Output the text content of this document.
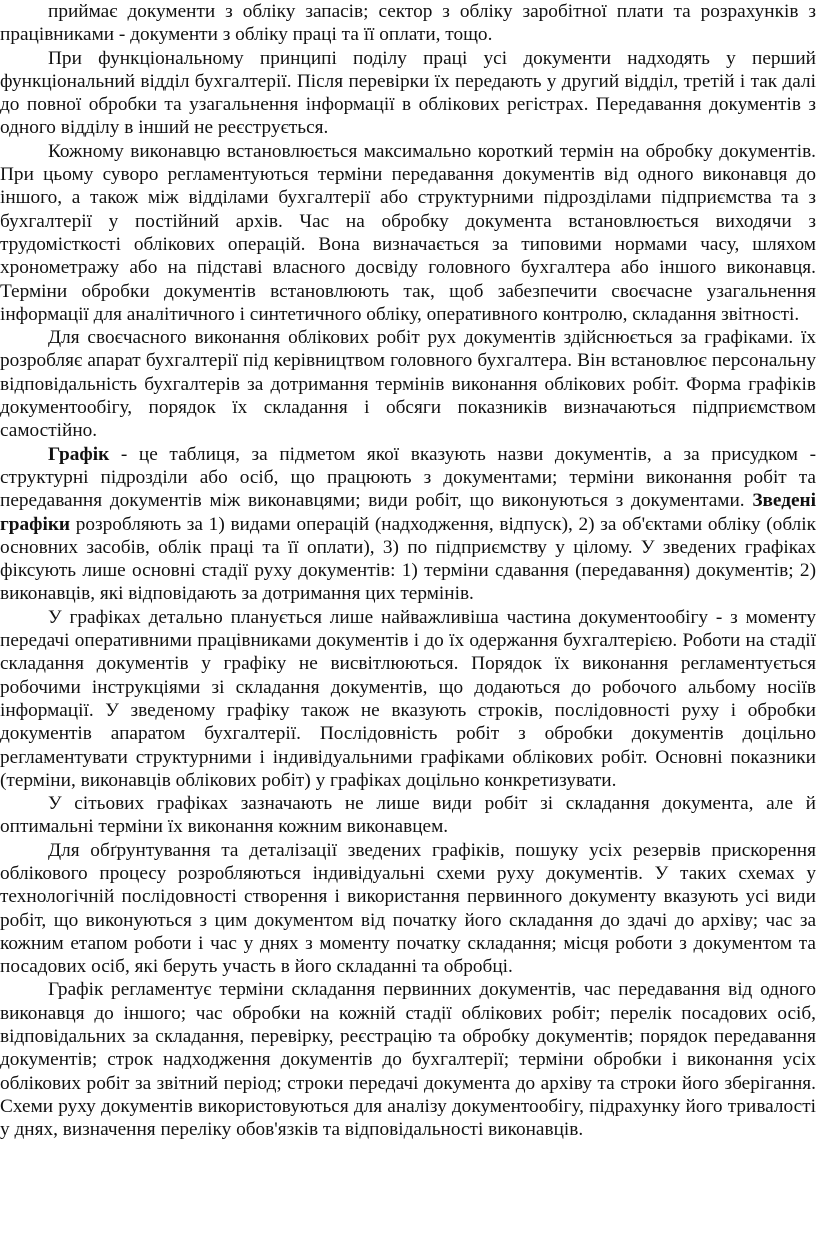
приймає документи з обліку запасів; сектор з обліку заробітної плати та розрахунків з працівниками - документи з обліку праці та її оплати, тощо.

При функціональному принципі поділу праці усі документи надходять у перший функціональний відділ бухгалтерії. Після перевірки їх передають у другий відділ, третій і так далі до повної обробки та узагальнення інформації в облікових регістрах. Передавання документів з одного відділу в інший не реєструється.

Кожному виконавцю встановлюється максимально короткий термін на обробку документів. При цьому суворо регламентуються терміни передавання документів від одного виконавця до іншого, а також між відділами бухгалтерії або структурними підрозділами підприємства та з бухгалтерії у постійний архів. Час на обробку документа встановлюється виходячи з трудомісткості облікових операцій. Вона визначається за типовими нормами часу, шляхом хронометражу або на підставі власного досвіду головного бухгалтера або іншого виконавця. Терміни обробки документів встановлюють так, щоб забезпечити своєчасне узагальнення інформації для аналітичного і синтетичного обліку, оперативного контролю, складання звітності.

Для своєчасного виконання облікових робіт рух документів здійснюється за графіками. їх розробляє апарат бухгалтерії під керівництвом головного бухгалтера. Він встановлює персональну відповідальність бухгалтерів за дотримання термінів виконання облікових робіт. Форма графіків документообігу, порядок їх складання і обсяги показників визначаються підприємством самостійно.

Графік - це таблиця, за підметом якої вказують назви документів, а за присудком - структурні підрозділи або осіб, що працюють з документами; терміни виконання робіт та передавання документів між виконавцями; види робіт, що виконуються з документами. Зведені графіки розробляють за 1) видами операцій (надходження, відпуск), 2) за об'єктами обліку (облік основних засобів, облік праці та її оплати), 3) по підприємству у цілому. У зведених графіках фіксують лише основні стадії руху документів: 1) терміни сдавання (передавання) документів; 2) виконавців, які відповідають за дотримання цих термінів.

У графіках детально планується лише найважливіша частина документообігу - з моменту передачі оперативними працівниками документів і до їх одержання бухгалтерією. Роботи на стадії складання документів у графіку не висвітлюються. Порядок їх виконання регламентується робочими інструкціями зі складання документів, що додаються до робочого альбому носіїв інформації. У зведеному графіку також не вказують строків, послідовності руху і обробки документів апаратом бухгалтерії. Послідовність робіт з обробки документів доцільно регламентувати структурними і індивідуальними графіками облікових робіт. Основні показники (терміни, виконавців облікових робіт) у графіках доцільно конкретизувати.

У сітьових графіках зазначають не лише види робіт зі складання документа, але й оптимальні терміни їх виконання кожним виконавцем.

Для обґрунтування та деталізації зведених графіків, пошуку усіх резервів прискорення облікового процесу розробляються індивідуальні схеми руху документів. У таких схемах у технологічній послідовності створення і використання первинного документу вказують усі види робіт, що виконуються з цим документом від початку його складання до здачі до архіву; час за кожним етапом роботи і час у днях з моменту початку складання; місця роботи з документом та посадових осіб, які беруть участь в його складанні та обробці.

Графік регламентує терміни складання первинних документів, час передавання від одного виконавця до іншого; час обробки на кожній стадії облікових робіт; перелік посадових осіб, відповідальних за складання, перевірку, реєстрацію та обробку документів; порядок передавання документів; строк надходження документів до бухгалтерії; терміни обробки і виконання усіх облікових робіт за звітний період; строки передачі документа до архіву та строки його зберігання. Схеми руху документів використовуються для аналізу документообігу, підрахунку його тривалості у днях, визначення переліку обов'язків та відповідальності виконавців.
